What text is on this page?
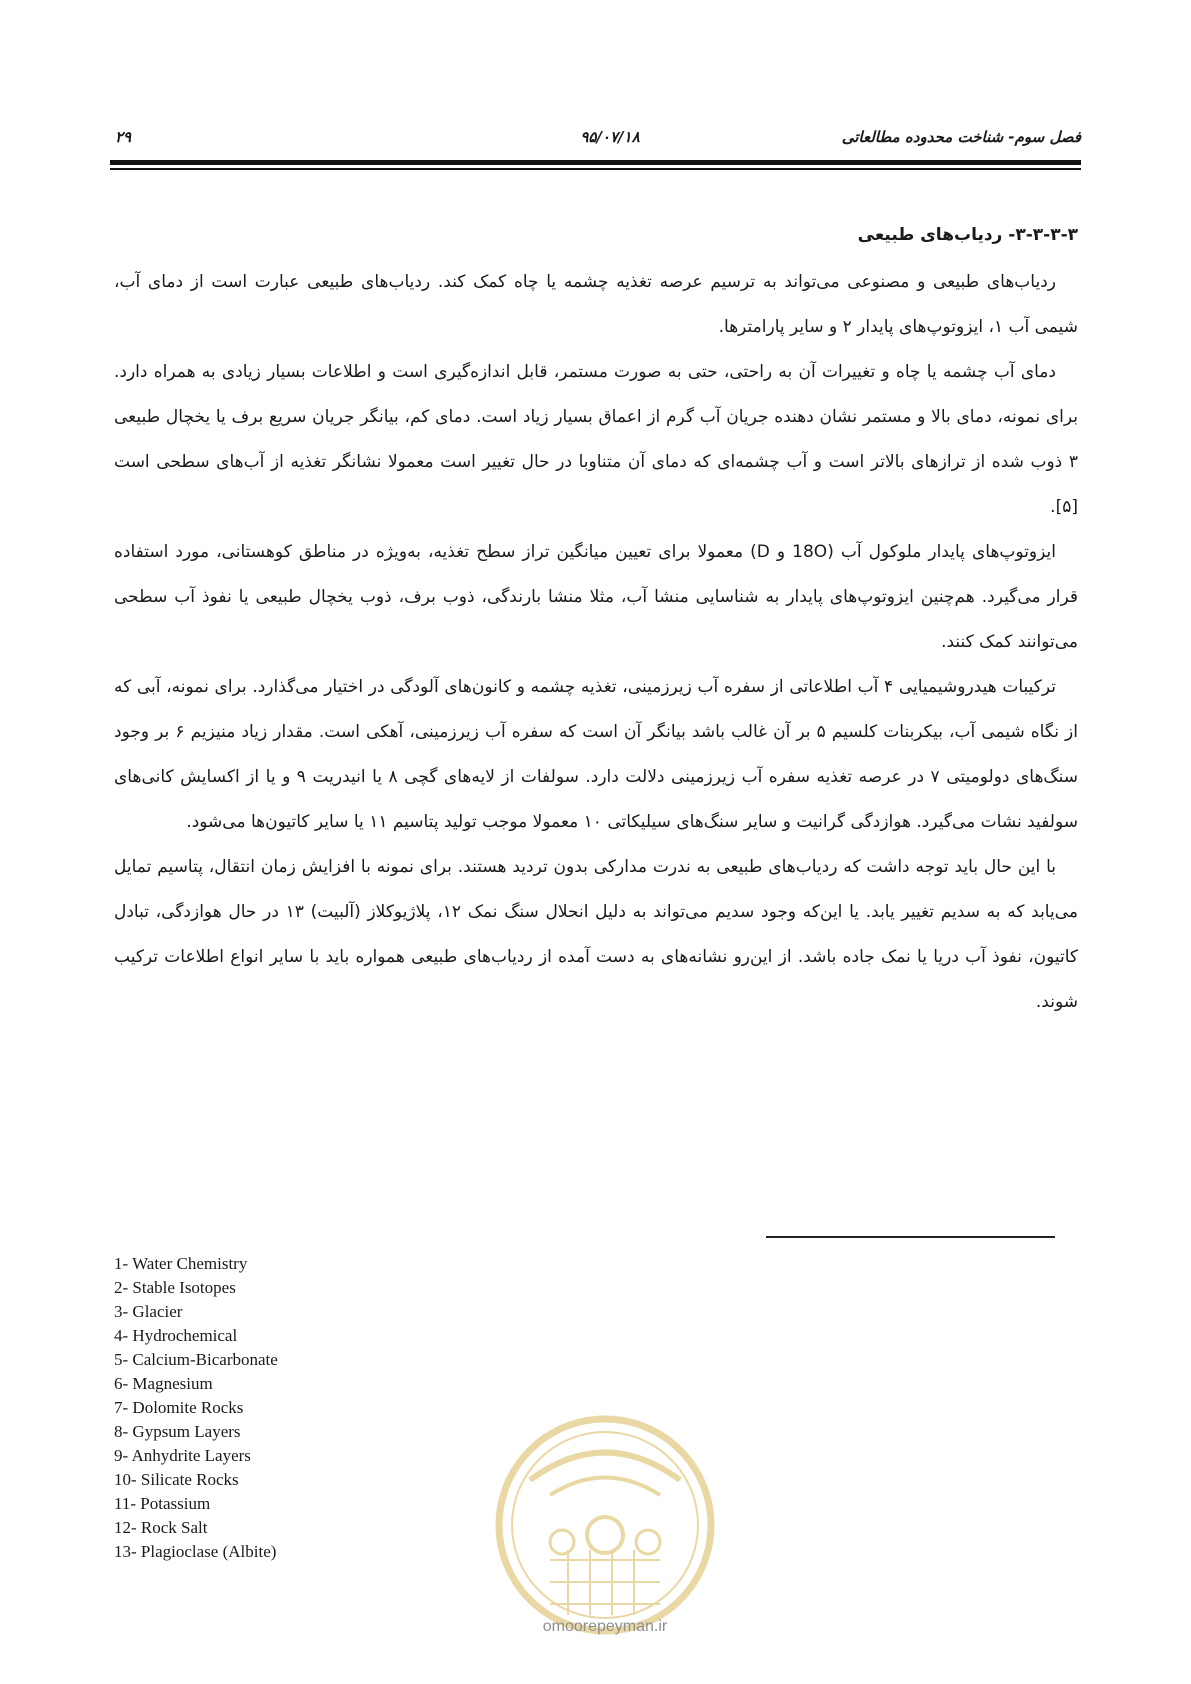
فصل سوم- شناخت محدوده مطالعاتی
۹۵/۰۷/۱۸
۲۹
۳-۳-۳-۳- ردیاب‌های طبیعی

ردیاب‌های طبیعی و مصنوعی می‌تواند به ترسیم عرصه تغذیه چشمه یا چاه کمک کند. ردیاب‌های طبیعی عبارت است از دمای آب، شیمی آب ۱، ایزوتوپ‌های پایدار ۲ و سایر پارامترها.

دمای آب چشمه یا چاه و تغییرات آن به راحتی، حتی به صورت مستمر، قابل اندازه‌گیری است و اطلاعات بسیار زیادی به همراه دارد. برای نمونه، دمای بالا و مستمر نشان دهنده جریان آب گرم از اعماق بسیار زیاد است. دمای کم، بیانگر جریان سریع برف یا یخچال طبیعی ۳ ذوب شده از ترازهای بالاتر است و آب چشمه‌ای که دمای آن متناوبا در حال تغییر است معمولا نشانگر تغذیه از آب‌های سطحی است [۵].

ایزوتوپ‌های پایدار ملوکول آب (18O و D) معمولا برای تعیین میانگین تراز سطح تغذیه، به‌ویژه در مناطق کوهستانی، مورد استفاده قرار می‌گیرد. هم‌چنین ایزوتوپ‌های پایدار به شناسایی منشا آب، مثلا منشا بارندگی، ذوب برف، ذوب یخچال طبیعی یا نفوذ آب سطحی می‌توانند کمک کنند.

ترکیبات هیدروشیمیایی ۴ آب اطلاعاتی از سفره آب زیرزمینی، تغذیه چشمه و کانون‌های آلودگی در اختیار می‌گذارد. برای نمونه، آبی که از نگاه شیمی آب، بیکربنات کلسیم ۵ بر آن غالب باشد بیانگر آن است که سفره آب زیرزمینی، آهکی است. مقدار زیاد منیزیم ۶ بر وجود سنگ‌های دولومیتی ۷ در عرصه تغذیه سفره آب زیرزمینی دلالت دارد. سولفات از لایه‌های گچی ۸ یا انیدریت ۹ و یا از اکسایش کانی‌های سولفید نشات می‌گیرد. هوازدگی گرانیت و سایر سنگ‌های سیلیکاتی ۱۰ معمولا موجب تولید پتاسیم ۱۱ یا سایر کاتیون‌ها می‌شود.

با این حال باید توجه داشت که ردیاب‌های طبیعی به ندرت مدارکی بدون تردید هستند. برای نمونه با افزایش زمان انتقال، پتاسیم تمایل می‌یابد که به سدیم تغییر یابد. یا این‌که وجود سدیم می‌تواند به دلیل انحلال سنگ نمک ۱۲، پلاژیوکلاز (آلبیت) ۱۳ در حال هوازدگی، تبادل کاتیون، نفوذ آب دریا یا نمک جاده باشد. از این‌رو نشانه‌های به دست آمده از ردیاب‌های طبیعی همواره باید با سایر انواع اطلاعات ترکیب شوند.

1- Water Chemistry

2- Stable Isotopes

3- Glacier

4- Hydrochemical

5- Calcium-Bicarbonate

6- Magnesium

7- Dolomite Rocks

8- Gypsum Layers

9- Anhydrite Layers

10- Silicate Rocks

11- Potassium

12- Rock Salt

13- Plagioclase (Albite)

omoorepeyman.ir
